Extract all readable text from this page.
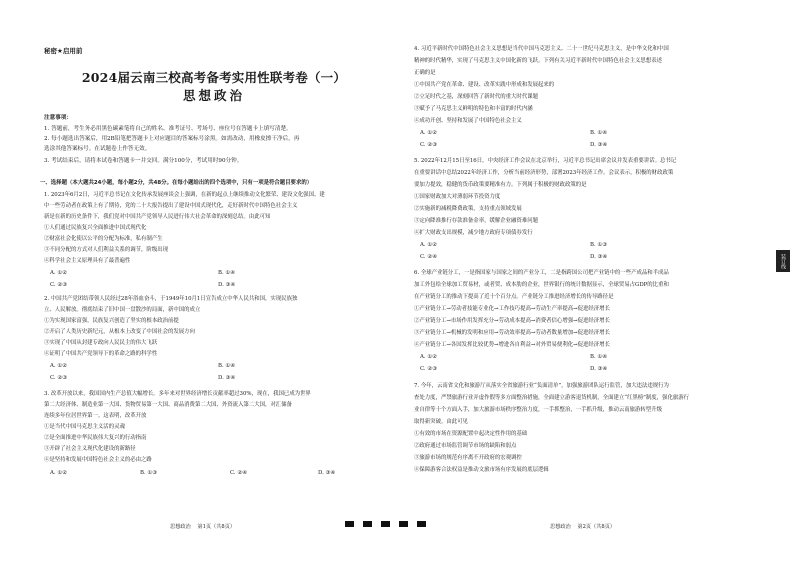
秘密★启用前
2024届云南三校高考备考实用性联考卷（一）
思想政治
注意事项：
1. 答题前，考生务必用黑色碳素笔将自己的姓名、准考证号、考场号、座位号在答题卡上填写清楚。
2. 每小题选出答案后，用2B铅笔把答题卡上对应题目的答案标号涂黑。如需改动，用橡皮擦干净后，再
选涂其他答案标号。在试题卷上作答无效。
3. 考试结束后，请将本试卷和答题卡一并交回。满分100分，考试用时90分钟。
一、选择题（本大题共24小题，每小题2分，共48分。在每小题给出的四个选项中，只有一项是符合题目要求的）
1. 2023年6月2日，习近平总书记在文化传承发展座谈会上强调，在新的起点上继续推动文化繁荣、建设文化强国、建
中一些劳动者在政策上有了期待，党的二十大报告提出了建设中国式现代化，走好新时代中国特色社会主义
新是在新的历史条件下，我们党对中国共产党领导人民进行伟大社会革命的深刻总结。由此可知
①人们通过民族复兴全面推进中国式现代化
②财富社会化使以公平的分配为标准，私有制产生
③不同分配的方式对人们利益关系的调节，阶级出现
④科学社会主义原理具有了最普遍性
A. ①②	B. ①④
C. ②③	D. ③④
2. 中国共产党团结带领人民经过28年浴血奋斗，于1949年10月1日宣告成立中华人民共和国，实现民族独
立、人民解放。彻底结束了旧中国一盘散沙的局面，新中国的成立
①为实现国家富强，民族复兴创造了坚实的根本政治前提
②开启了人类历史新纪元，从根本上改变了中国社会的发展方向
③实现了中国从封建专政向人民民主的伟大飞跃
④证明了中国共产党领导下的革命之路的科学性
A. ①②	B. ①④
C. ②③	D. ③④
3. 改革开放以来，我国国内生产总值大幅增长。多年来对世界经济增长贡献率超过30%，现在，我国已成为世界
第二大经济体、制造业第一大国、货物贸易第一大国、商品消费第二大国、外资流入第二大国，对汇储备
连续多年位居世界第一。这表明，改革开放
①是当代中国马克思主义活的灵魂
②是全面推进中华民族伟大复兴的行动指南
③开辟了社会主义现代化建设的新路径
④是坚持和发展中国特色社会主义的必由之路
A. ①②	B. ①③	C. ②④	D. ③④
4. 习近平新时代中国特色社会主义思想是当代中国马克思主义、二十一世纪马克思主义，是中华文化和中国
精神的时代精华，实现了马克思主义中国化新的飞跃。下列有关习近平新时代中国特色社会主义思想表述
正确的是
①中国共产党在革命、建设、改革实践中形成和发展起来的
②立足时代之基，深刻回答了新时代的重大时代课题
③赋予了马克思主义鲜明的特色和丰富的时代内涵
④成功开创、坚持和发展了中国特色社会主义
A. ①②	B. ①④
C. ②③	D. ③④
5. 2022年12月15日至16日，中央经济工作会议在北京举行，习近平总书记出席会议并发表重要讲话。总书记
在重要讲话中总结2022年经济工作，分析当前经济形势，部署2023年经济工作。会议表示，积极的财政政策
要加力提效，稳健的货币政策要精准有力。下列属于积极的财政政策的是
①国家财政加大对薄弱环节投资力度
②实施新的减税降费政策，支持重点领域发展
③定向降准推行存款准备金率，缓解企业融资难问题
④扩大财政支出规模，减少地方政府专项债券发行
A. ①②	B. ①③
C. ②④	D. ③④
6. 全球产业链分工，一是指国家与国家之间的产业分工，二是指跨国公司把产业链中的一些产成品和半成品
加工外包给全球加工贸易材，或者贸、成本肋的企业，世界银行的统计数据显示，全球贸易占GDP的比重和
在产业链分工的推动下提高了近十个百分点。产业链分工推进经济增长的传导路径是
①产业链分工→劳动者技能专业化→工作技巧提高→劳动生产率提高→促进经济增长
②产业链分工→市场作用发挥充分→劳动成本提高→消费者信心增强→促进经济增长
③产业链分工→机械的发明和应用→劳动效率提高→劳动者数量增加→促进经济增长
④产业链分工→各国发挥比较优势→增进各自利益→对外贸易便利化→促进经济增长
A. ①②	B. ①④
C. ②③	D. ③④
7. 今年，云南省文化和旅游厅从落实全省旅游行业“负面清单”，加强旅游团队运行监管，加大违法违规行为
查处力度，严禁旅游行业弄虚作假等多方面整治措施，全面建立游客退货机制，全面建立“红黑榜”制度，强化旅游行
业自律等十个方面入手，加大旅游市场秩序整治力度，一手抓整治，一手抓升级，推动云南旅游转型升级
取得新突破。由此可见
①有效的市场在资源配置中起决定性作用的基础
②政府通过市场监管调节市场的缺陷和弱点
③旅游市场的规范有序离不开政府的宏观调控
④保障游客合法权益是推动文旅市场有序发展的底层逻辑
思想政治 第1页（共8页）	思想政治 第2页（共8页）
装订线
